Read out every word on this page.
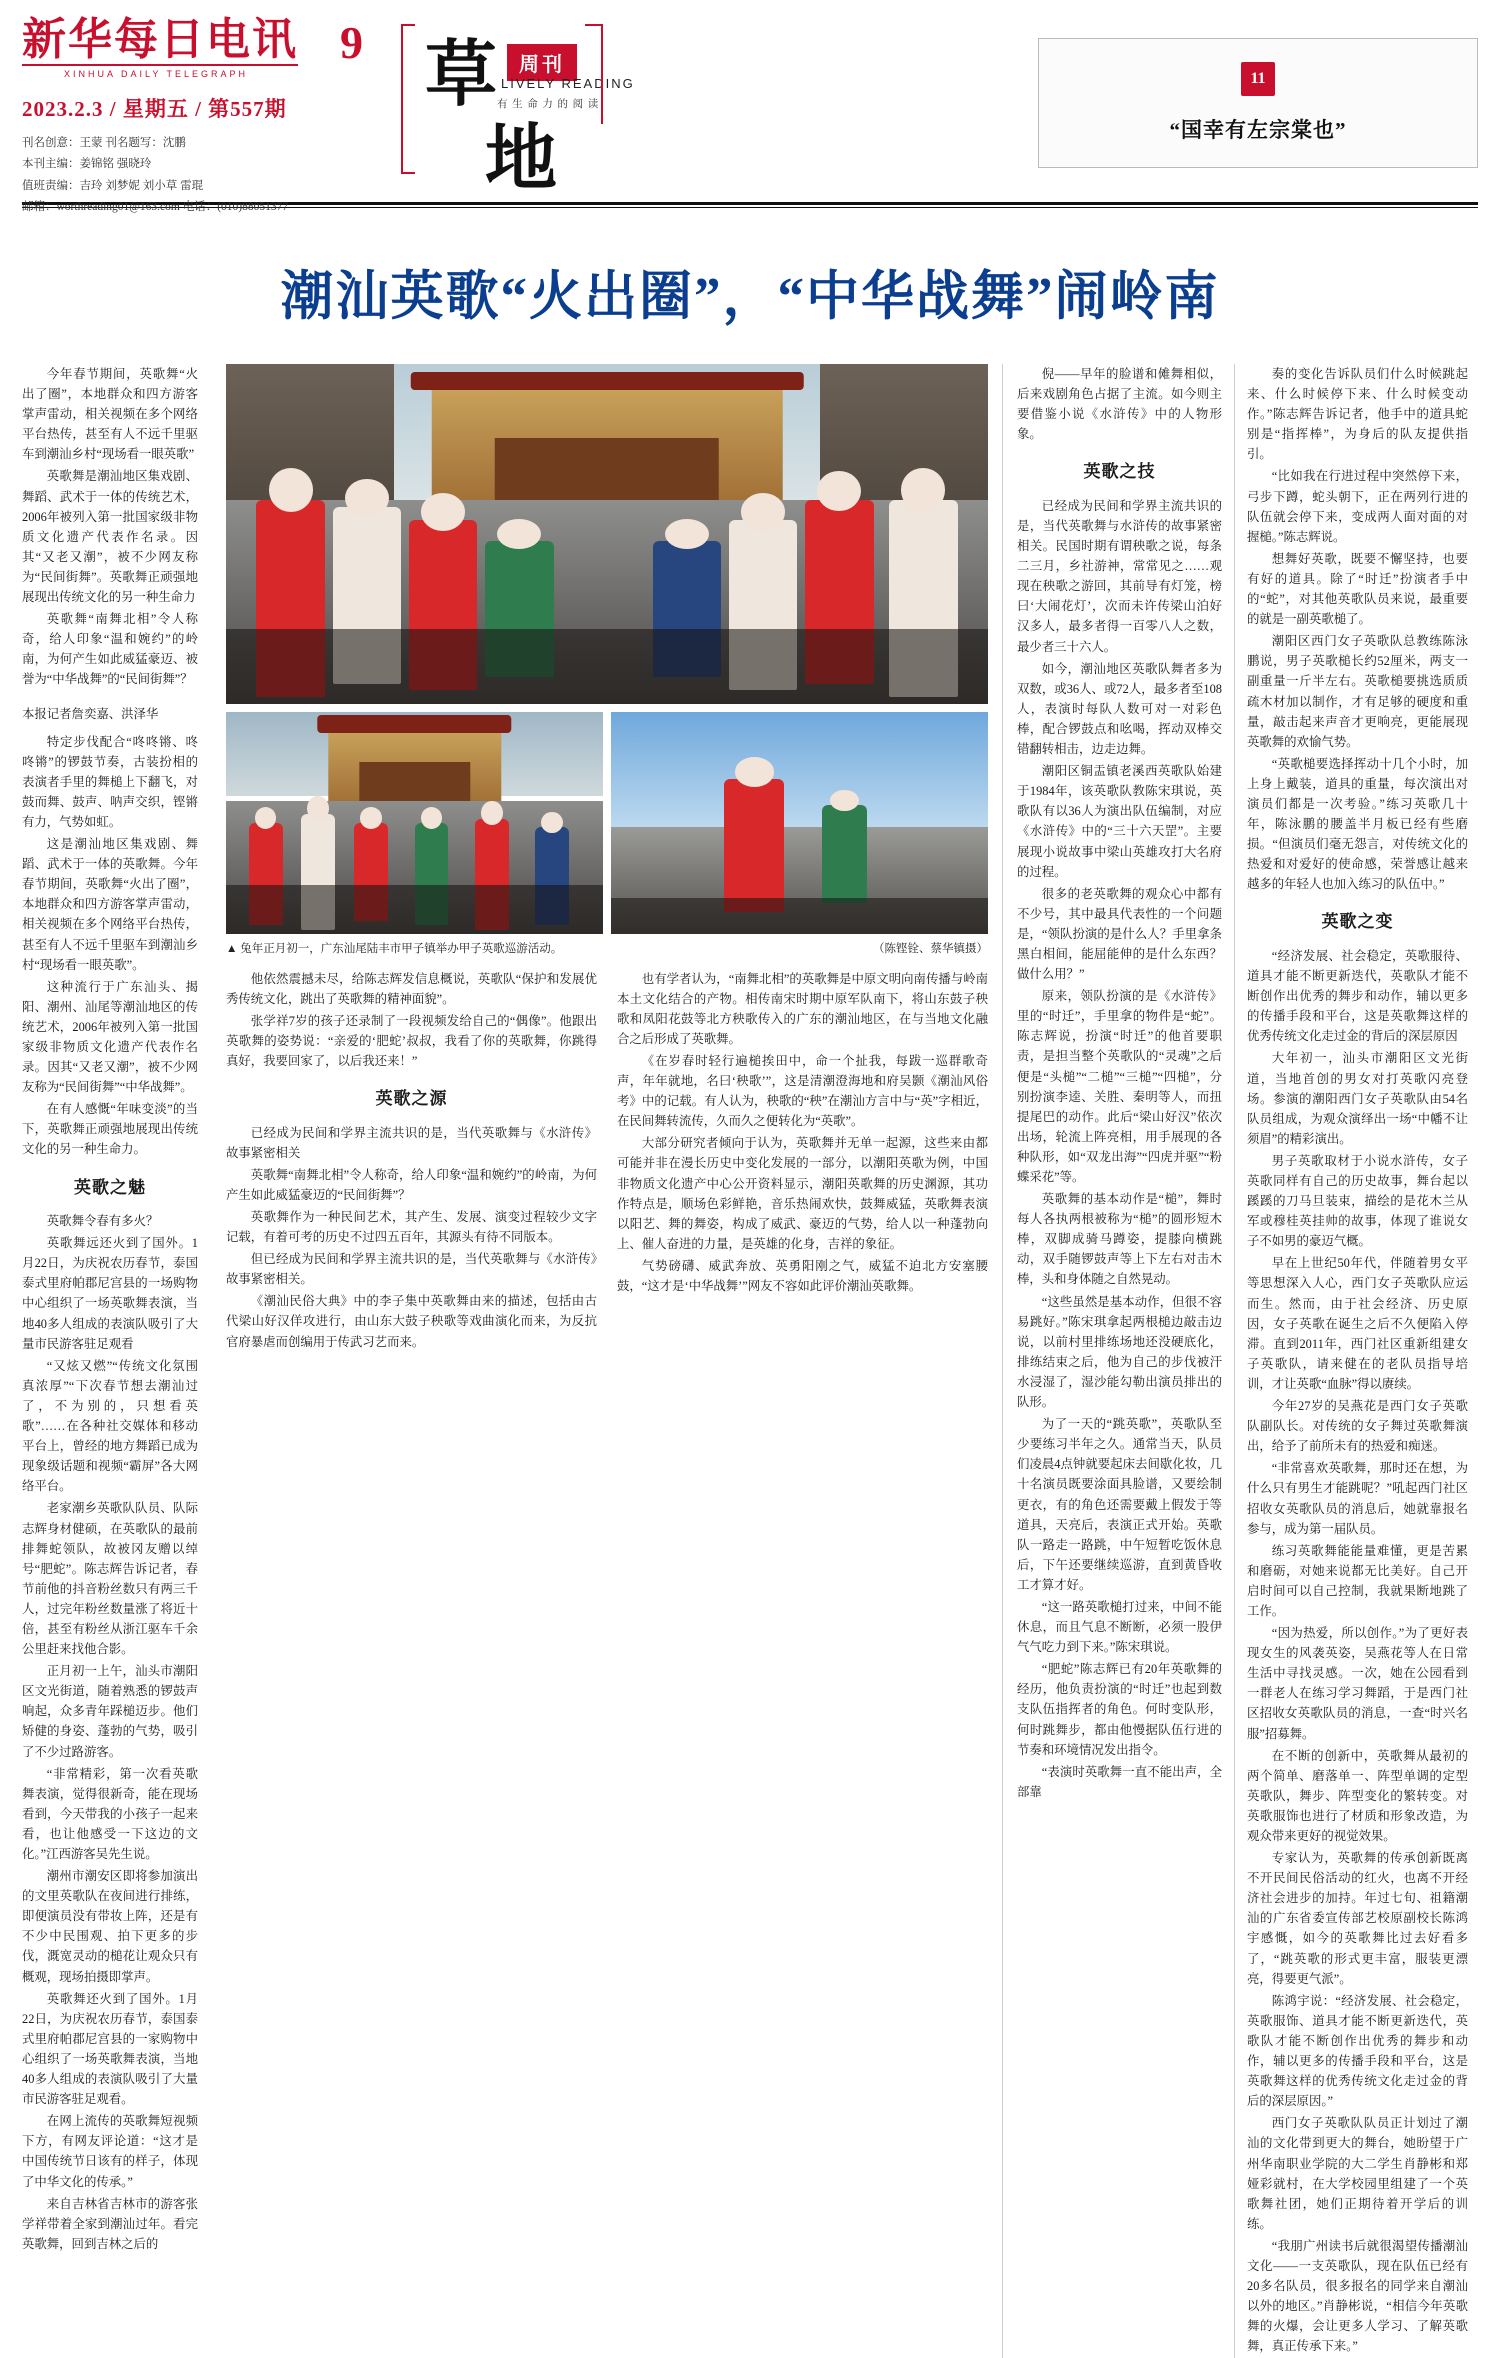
新华每日电讯
XINHUA DAILY TELEGRAPH
2023.2.3 / 星期五 / 第557期
刊名创意：王蒙 刊名题写：沈鹏
本刊主编：姜锦铭 强晓玲
值班责编：吉玲 刘梦妮 刘小草 雷琨
邮箱：worthreading01@163.com 电话：(010)88051377
9 草
地
周刊
LIVELY READING
有 生 命 力 的 阅 读
11
“国幸有左宗棠也”
潮汕英歌“火出圈”，“中华战舞”闹岭南

今年春节期间，英歌舞“火出了圈”，本地群众和四方游客掌声雷动，相关视频在多个网络平台热传，甚至有人不远千里驱车到潮汕乡村“现场看一眼英歌”

英歌舞是潮汕地区集戏剧、舞蹈、武术于一体的传统艺术，2006年被列入第一批国家级非物质文化遗产代表作名录。因其“又老又潮”，被不少网友称为“民间街舞”。英歌舞正顽强地展现出传统文化的另一种生命力

英歌舞“南舞北相”令人称奇，给人印象“温和婉约”的岭南，为何产生如此威猛豪迈、被誉为“中华战舞”的“民间街舞”？

本报记者詹奕嘉、洪泽华

特定步伐配合“咚咚锵、咚咚锵”的锣鼓节奏，古装扮相的表演者手里的舞槌上下翻飞，对鼓而舞、鼓声、呐声交织，铿锵有力，气势如虹。

这是潮汕地区集戏剧、舞蹈、武术于一体的英歌舞。今年春节期间，英歌舞“火出了圈”，本地群众和四方游客掌声雷动，相关视频在多个网络平台热传，甚至有人不远千里驱车到潮汕乡村“现场看一眼英歌”。

这种流行于广东汕头、揭阳、潮州、汕尾等潮汕地区的传统艺术，2006年被列入第一批国家级非物质文化遗产代表作名录。因其“又老又潮”，被不少网友称为“民间街舞”“中华战舞”。

在有人感慨“年味变淡”的当下，英歌舞正顽强地展现出传统文化的另一种生命力。

英歌之魅

英歌舞令春有多火？

英歌舞远还火到了国外。1月22日，为庆祝农历春节，泰国泰式里府帕郡尼宫县的一场购物中心组织了一场英歌舞表演，当地40多人组成的表演队吸引了大量市民游客驻足观看

“又炫又燃”“传统文化氛围真浓厚”“下次春节想去潮汕过了，不为别的，只想看英歌”……在各种社交媒体和移动平台上，曾经的地方舞蹈已成为现象级话题和视频“霸屏”各大网络平台。

老家潮乡英歌队队员、队际志辉身材健硕，在英歌队的最前排舞蛇领队，故被冈友赠以绰号“肥蛇”。陈志辉告诉记者，春节前他的抖音粉丝数只有两三千人，过完年粉丝数量涨了将近十倍，甚至有粉丝从浙江驱车千余公里赶来找他合影。

正月初一上午，汕头市潮阳区文光街道，随着熟悉的锣鼓声响起，众多青年踩槌迈步。他们矫健的身姿、蓬勃的气势，吸引了不少过路游客。

“非常精彩，第一次看英歌舞表演，觉得很新奇，能在现场看到，今天带我的小孩子一起来看，也让他感受一下这边的文化。”江西游客吴先生说。

潮州市潮安区即将参加演出的文里英歌队在夜间进行排练，即便演员没有带妆上阵，还是有不少中民围观、拍下更多的步伐，溉宽灵动的槌花让观众只有概观，现场拍摄即掌声。

英歌舞还火到了国外。1月22日，为庆祝农历春节，泰国泰式里府帕郡尼宫县的一家购物中心组织了一场英歌舞表演，当地40多人组成的表演队吸引了大量市民游客驻足观看。

在网上流传的英歌舞短视频下方，有网友评论道：“这才是中国传统节日该有的样子，体现了中华文化的传承。”

来自吉林省吉林市的游客张学祥带着全家到潮汕过年。看完英歌舞，回到吉林之后的

▲ 兔年正月初一，广东汕尾陆丰市甲子镇举办甲子英歌巡游活动。	（陈铿铨、蔡华镇摄）

他依然震撼未尽，给陈志辉发信息概说，英歌队“保护和发展优秀传统文化，跳出了英歌舞的精神面貌”。

张学祥7岁的孩子还录制了一段视频发给自己的“偶像”。他跟出英歌舞的姿势说：“亲爱的‘肥蛇’叔叔，我看了你的英歌舞，你跳得真好，我要回家了，以后我还来！”

英歌之源

已经成为民间和学界主流共识的是，当代英歌舞与《水浒传》故事紧密相关

英歌舞“南舞北相”令人称奇，给人印象“温和婉约”的岭南，为何产生如此威猛豪迈的“民间街舞”？

英歌舞作为一种民间艺术，其产生、发展、演变过程较少文字记载，有着可考的历史不过四五百年，其源头有待不同版本。

但已经成为民间和学界主流共识的是，当代英歌舞与《水浒传》故事紧密相关。

《潮汕民俗大典》中的李子集中英歌舞由来的描述，包括由古代梁山好汉佯攻进行，由山东大鼓子秧歌等戏曲演化而来，为反抗官府暴虐而创编用于传武习艺而来。

也有学者认为，“南舞北相”的英歌舞是中原文明向南传播与岭南本土文化结合的产物。相传南宋时期中原军队南下，将山东鼓子秧歌和凤阳花鼓等北方秧歌传入的广东的潮汕地区，在与当地文化融合之后形成了英歌舞。

《在岁春时轻行遍槌挨田中，命一个扯我，每跋一巡群歌奇声，年年就地，名曰‘秧歌’”，这是清潮澄海地和府吴颢《潮汕风俗考》中的记载。有人认为，秧歌的“秧”在潮汕方言中与“英”字相近，在民间舞转流传，久而久之便转化为“英歌”。

大部分研究者倾向于认为，英歌舞并无单一起源，这些来由都可能并非在漫长历史中变化发展的一部分，以潮阳英歌为例，中国非物质文化遗产中心公开资料显示，潮阳英歌舞的历史渊源，其功作特点是，顺场色彩鲜艳，音乐热闹欢快，鼓舞威猛，英歌舞表演以阳艺、舞的舞姿，构成了威武、豪迈的气势，给人以一种蓬勃向上、催人奋进的力量，是英雄的化身，吉祥的象征。

气势磅礴、威武奔放、英勇阳刚之气，威猛不迫北方安塞腰鼓，“这才是‘中华战舞’”网友不容如此评价潮汕英歌舞。

倪——早年的脸谱和傩舞相似，后来戏剧角色占据了主流。如今则主要借鉴小说《水浒传》中的人物形象。

英歌之技

已经成为民间和学界主流共识的是，当代英歌舞与水浒传的故事紧密相关。民国时期有谓秧歌之说，每条二三月，乡社游神，常常见之……观现在秧歌之游回，其前导有灯笼，榜曰‘大闹花灯’，次而未许传梁山泊好汉多人，最多者得一百零八人之数，最少者三十六人。

如今，潮汕地区英歌队舞者多为双数，或36人、或72人，最多者至108人，表演时每队人数可对一对彩色棒，配合锣鼓点和吆喝，挥动双棒交错翻转相击，边走边舞。

潮阳区铜盂镇老溪西英歌队始建于1984年，该英歌队教陈宋琪说，英歌队有以36人为演出队伍编制，对应《水浒传》中的“三十六天罡”。主要展现小说故事中梁山英雄攻打大名府的过程。

很多的老英歌舞的观众心中都有不少号，其中最具代表性的一个问题是，“领队扮演的是什么人？手里拿条黑白相间，能屈能伸的是什么东西？做什么用？”

原来，领队扮演的是《水浒传》里的“时迁”，手里拿的物件是“蛇”。陈志辉说，扮演“时迁”的他首要职责，是担当整个英歌队的“灵魂”之后便是“头槌”“二槌”“三槌”“四槌”，分别扮演李逵、关胜、秦明等人，而扭提尾巴的动作。此后“梁山好汉”依次出场，轮流上阵亮相，用手展现的各种队形，如“双龙出海”“四虎并驱”“粉蝶采花”等。

英歌舞的基本动作是“槌”，舞时每人各执两根被称为“槌”的圆形短木棒，双脚成骑马蹲姿，提膝向横跳动，双手随锣鼓声等上下左右对击木棒，头和身体随之自然晃动。

“这些虽然是基本动作，但很不容易跳好。”陈宋琪拿起两根槌边敲击边说，以前村里排练场地还没硬底化，排练结束之后，他为自己的步伐被汗水浸湿了，湿沙能勾勒出演员排出的队形。

为了一天的“跳英歌”，英歌队至少要练习半年之久。通常当天，队员们凌晨4点钟就要起床去间歇化妆，几十名演员既要涂面具脸谱，又要绘制更衣，有的角色还需要戴上假发于等道具，天亮后，表演正式开始。英歌队一路走一路跳，中午短暂吃饭休息后，下午还要继续巡游，直到黄昏收工才算才好。

“这一路英歌槌打过来，中间不能休息，而且气息不断断，必须一股伊气气吃力到下来。”陈宋琪说。

“肥蛇”陈志辉已有20年英歌舞的经历，他负责扮演的“时迁”也起到数支队伍指挥者的角色。何时变队形，何时跳舞步，都由他慢据队伍行进的节奏和环境情况发出指令。

“表演时英歌舞一直不能出声，全部靠

奏的变化告诉队员们什么时候跳起来、什么时候停下来、什么时候变动作。”陈志辉告诉记者，他手中的道具蛇别是“指挥棒”，为身后的队友提供指引。

“比如我在行进过程中突然停下来，弓步下蹲，蛇头朝下，正在两列行进的队伍就会停下来，变成两人面对面的对握槌。”陈志辉说。

想舞好英歌，既要不懈坚持，也要有好的道具。除了“时迁”扮演者手中的“蛇”，对其他英歌队员来说，最重要的就是一副英歌槌了。

潮阳区西门女子英歌队总教练陈泳鹏说，男子英歌槌长约52厘米，两支一副重量一斤半左右。英歌槌要挑选质质疏木材加以制作，才有足够的硬度和重量，敲击起来声音才更响亮，更能展现英歌舞的欢愉气势。

“英歌槌要选择挥动十几个小时，加上身上戴装，道具的重量，每次演出对演员们都是一次考验。”练习英歌几十年，陈泳鹏的腰盖半月板已经有些磨损。“但演员们毫无怨言，对传统文化的热爱和对爱好的使命感，荣誉感让越来越多的年轻人也加入练习的队伍中。”

英歌之变

“经济发展、社会稳定，英歌服待、道具才能不断更新迭代，英歌队才能不断创作出优秀的舞步和动作，辅以更多的传播手段和平台，这是英歌舞这样的优秀传统文化走过金的背后的深层原因

大年初一，汕头市潮阳区文光街道，当地首创的男女对打英歌闪亮登场。参演的潮阳西门女子英歌队由54名队员组成，为观众演绎出一场“中幡不让须眉”的精彩演出。

男子英歌取材于小说水浒传，女子英歌同样有自己的历史故事，舞台起以蹊蹊的刀马旦装束，描绘的是花木兰从军或穆桂英挂帅的故事，体现了谁说女子不如男的豪迈气概。

早在上世纪50年代，伴随着男女平等思想深入人心，西门女子英歌队应运而生。然而，由于社会经济、历史原因，女子英歌在诞生之后不久便陷入停滞。直到2011年，西门社区重新组建女子英歌队，请来健在的老队员指导培训，才让英歌“血脉”得以赓续。

今年27岁的吴燕花是西门女子英歌队副队长。对传统的女子舞过英歌舞演出，给予了前所未有的热爱和痴迷。

“非常喜欢英歌舞，那时还在想，为什么只有男生才能跳呢？”吼起西门社区招收女英歌队员的消息后，她就靠报名参与，成为第一届队员。

练习英歌舞能能量难懂，更是苦累和磨砺，对她来说都无比美好。自己开启时间可以自己控制，我就果断地跳了工作。

“因为热爱，所以创作。”为了更好表现女生的风袭英姿，吴燕花等人在日常生活中寻找灵感。一次，她在公园看到一群老人在练习学习舞蹈，于是西门社区招收女英歌队员的消息，一查“时兴名服”招募舞。

在不断的创新中，英歌舞从最初的两个简单、磨落单一、阵型单调的定型英歌队，舞步、阵型变化的繁转变。对英歌服饰也进行了材质和形象改造，为观众带来更好的视觉效果。

专家认为，英歌舞的传承创新既离不开民间民俗活动的红火，也离不开经济社会进步的加持。年过七旬、祖籍潮汕的广东省委宣传部艺校原副校长陈鸿宇感慨，如今的英歌舞比过去好看多了，“跳英歌的形式更丰富，服装更漂亮，得要更气派”。

陈鸿宇说：“经济发展、社会稳定，英歌服饰、道具才能不断更新迭代，英歌队才能不断创作出优秀的舞步和动作，辅以更多的传播手段和平台，这是英歌舞这样的优秀传统文化走过金的背后的深层原因。”

西门女子英歌队队员正计划过了潮汕的文化带到更大的舞台，她盼望于广州华南职业学院的大二学生肖静彬和郑娅彩就村，在大学校园里组建了一个英歌舞社团，她们正期待着开学后的训练。

“我朋广州读书后就很渴望传播潮汕文化——一支英歌队，现在队伍已经有20多名队员，很多报名的同学来自潮汕以外的地区。”肖静彬说，“相信今年英歌舞的火爆，会让更多人学习、了解英歌舞，真正传承下来。”
